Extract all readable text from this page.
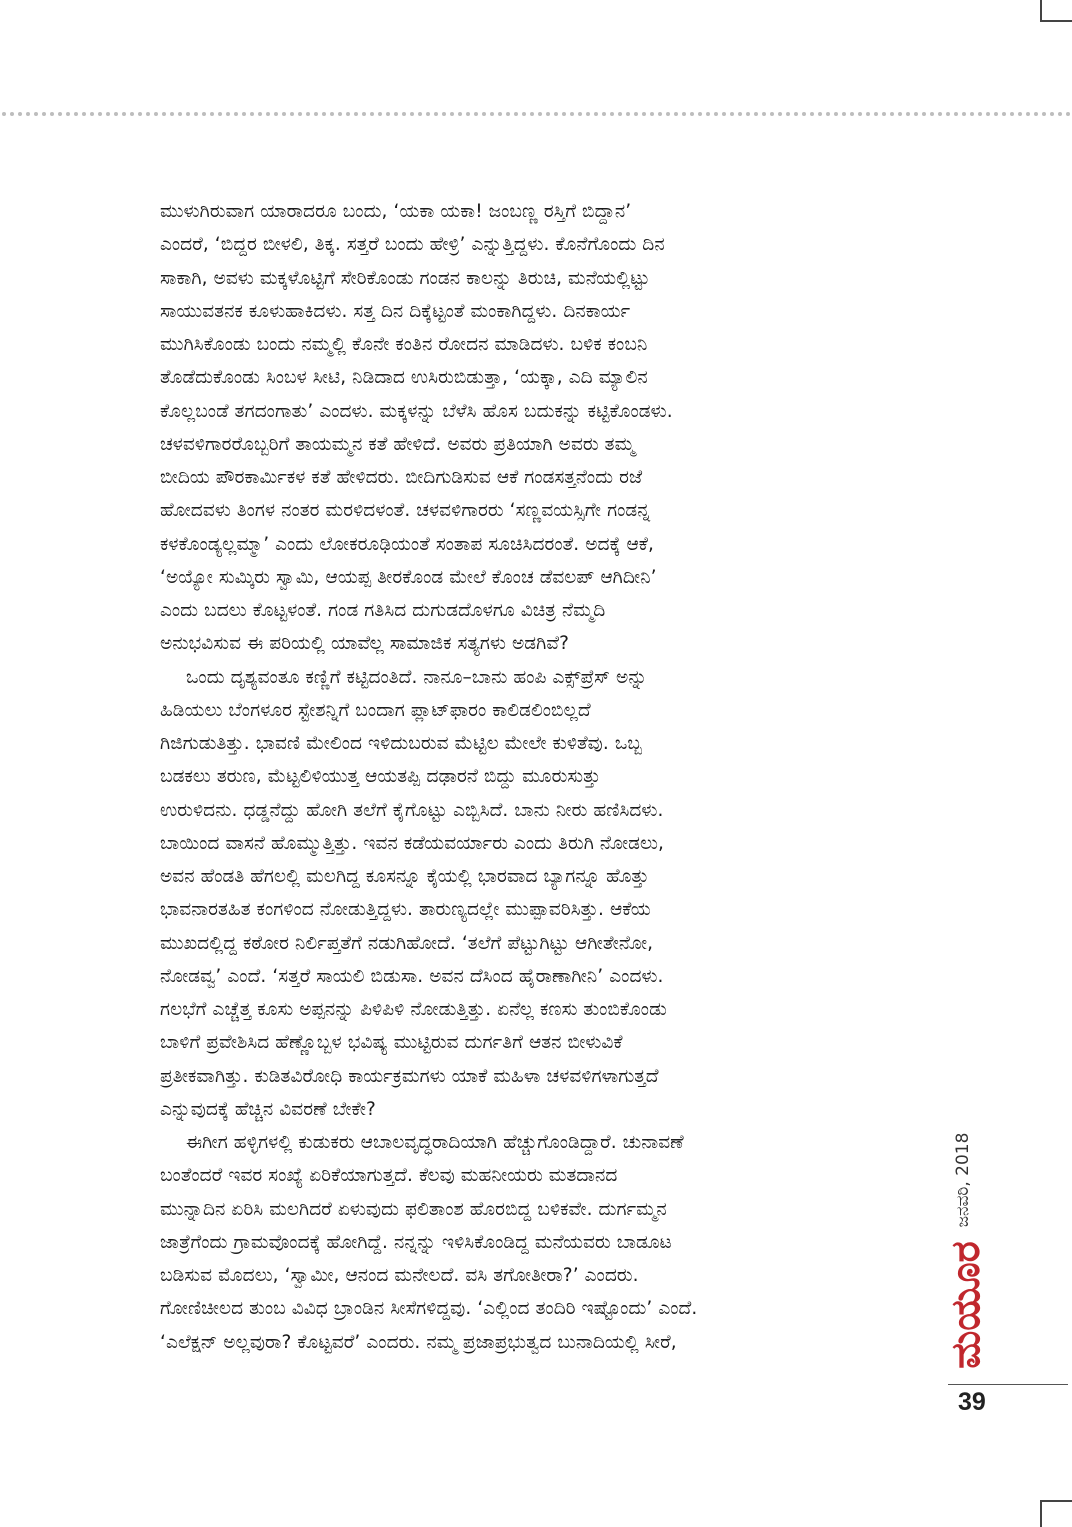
ಮುಳುಗಿರುವಾಗ ಯಾರಾದರೂ ಬಂದು, ‘ಯಕಾ ಯಕಾ! ಜಂಬಣ್ಣ ರಸ್ತಿಗೆ ಬಿದ್ದಾನ’
ಎಂದರೆ, ‘ಬಿದ್ದರ ಬೀಳಲಿ, ತಿಕ್ಕ. ಸತ್ತರೆ ಬಂದು ಹೇಳ್ರಿ’ ಎನ್ನುತ್ತಿದ್ದಳು. ಕೊನೆಗೊಂದು ದಿನ
ಸಾಕಾಗಿ, ಅವಳು ಮಕ್ಕಳೊಟ್ಟಿಗೆ ಸೇರಿಕೊಂಡು ಗಂಡನ ಕಾಲನ್ನು ತಿರುಚಿ, ಮನೆಯಲ್ಲಿಟ್ಟು
ಸಾಯುವತನಕ ಕೂಳುಹಾಕಿದಳು. ಸತ್ತ ದಿನ ದಿಕ್ಕೆಟ್ಟಂತೆ ಮಂಕಾಗಿದ್ದಳು. ದಿನಕಾರ್ಯ
ಮುಗಿಸಿಕೊಂಡು ಬಂದು ನಮ್ಮಲ್ಲಿ ಕೊನೇ ಕಂತಿನ ರೋದನ ಮಾಡಿದಳು. ಬಳಿಕ ಕಂಬನಿ
ತೊಡೆದುಕೊಂಡು ಸಿಂಬಳ ಸೀಟಿ, ನಿಡಿದಾದ ಉಸಿರುಬಿಡುತ್ತಾ, ‘ಯಕ್ಕಾ, ಎದಿ ಮ್ಯಾಲಿನ
ಕೊಲ್ಲಬಂಡೆ ತಗದಂಗಾತು’ ಎಂದಳು. ಮಕ್ಕಳನ್ನು ಬೆಳೆಸಿ ಹೊಸ ಬದುಕನ್ನು ಕಟ್ಟಿಕೊಂಡಳು.
ಚಳವಳಿಗಾರರೊಬ್ಬರಿಗೆ ತಾಯಮ್ಮನ ಕತೆ ಹೇಳಿದೆ. ಅವರು ಪ್ರತಿಯಾಗಿ ಅವರು ತಮ್ಮ
ಬೀದಿಯ ಪೌರಕಾರ್ಮಿಕಳ ಕತೆ ಹೇಳಿದರು. ಬೀದಿಗುಡಿಸುವ ಆಕೆ ಗಂಡಸತ್ತನೆಂದು ರಜೆ
ಹೋದವಳು ತಿಂಗಳ ನಂತರ ಮರಳಿದಳಂತೆ. ಚಳವಳಿಗಾರರು ‘ಸಣ್ಣವಯಸ್ಸಿಗೇ ಗಂಡನ್ನ
ಕಳಕೊಂಡ್ಯಲ್ಲಮ್ಮಾ’ ಎಂದು ಲೋಕರೂಢಿಯಂತೆ ಸಂತಾಪ ಸೂಚಿಸಿದರಂತೆ. ಅದಕ್ಕೆ ಆಕೆ,
‘ಅಯ್ಯೋ ಸುಮ್ಕಿರು ಸ್ವಾಮಿ, ಆಯಪ್ಪ ತೀರಕೊಂಡ ಮೇಲೆ ಕೊಂಚ ಡೆವಲಪ್ ಆಗಿದೀನಿ’
ಎಂದು ಬದಲು ಕೊಟ್ಟಳಂತೆ. ಗಂಡ ಗತಿಸಿದ ದುಗುಡದೊಳಗೂ ವಿಚಿತ್ರ ನೆಮ್ಮದಿ
ಅನುಭವಿಸುವ ಈ ಪರಿಯಲ್ಲಿ ಯಾವೆಲ್ಲ ಸಾಮಾಜಿಕ ಸತ್ಯಗಳು ಅಡಗಿವೆ?
ಒಂದು ದೃಶ್ಯವಂತೂ ಕಣ್ಣಿಗೆ ಕಟ್ಟಿದಂತಿದೆ. ನಾನೂ–ಬಾನು ಹಂಪಿ ಎಕ್ಸ್‌ಪ್ರೆಸ್ ಅನ್ನು
ಹಿಡಿಯಲು ಬೆಂಗಳೂರ ಸ್ಟೇಶನ್ನಿಗೆ ಬಂದಾಗ ಪ್ಲಾಟ್‌ಫಾರಂ ಕಾಲಿಡಲಿಂಬಿಲ್ಲದೆ
ಗಿಜಿಗುಡುತಿತ್ತು. ಭಾವಣಿ ಮೇಲಿಂದ ಇಳಿದುಬರುವ ಮೆಟ್ಟಿಲ ಮೇಲೇ ಕುಳಿತೆವು. ಒಬ್ಬ
ಬಡಕಲು ತರುಣ, ಮೆಟ್ಟಲಿಳಿಯುತ್ತ ಆಯತಪ್ಪಿ ದಢಾರನೆ ಬಿದ್ದು ಮೂರುಸುತ್ತು
ಉರುಳಿದನು. ಧಡ್ಡನೆದ್ದು ಹೋಗಿ ತಲೆಗೆ ಕೈಗೊಟ್ಟು ಎಬ್ಬಿಸಿದೆ. ಬಾನು ನೀರು ಹಣಿಸಿದಳು.
ಬಾಯಿಂದ ವಾಸನೆ ಹೊಮ್ಮುತ್ತಿತ್ತು. ಇವನ ಕಡೆಯವರ್ಯಾರು ಎಂದು ತಿರುಗಿ ನೋಡಲು,
ಅವನ ಹೆಂಡತಿ ಹೆಗಲಲ್ಲಿ ಮಲಗಿದ್ದ ಕೂಸನ್ನೂ ಕೈಯಲ್ಲಿ ಭಾರವಾದ ಬ್ಯಾಗನ್ನೂ ಹೊತ್ತು
ಭಾವನಾರತಹಿತ ಕಂಗಳಿಂದ ನೋಡುತ್ತಿದ್ದಳು. ತಾರುಣ್ಯದಲ್ಲೇ ಮುಪ್ಪಾವರಿಸಿತ್ತು. ಆಕೆಯ
ಮುಖದಲ್ಲಿದ್ದ ಕಠೋರ ನಿರ್ಲಿಪ್ತತೆಗೆ ನಡುಗಿಹೋದೆ. ‘ತಲೆಗೆ ಪೆಟ್ಟುಗಿಟ್ಟು ಆಗೀತೇನೋ,
ನೋಡವ್ವ’ ಎಂದೆ. ‘ಸತ್ತರೆ ಸಾಯಲಿ ಬಿಡುಸಾ. ಅವನ ದೆಸಿಂದ ಹೈರಾಣಾಗೀನಿ’ ಎಂದಳು.
ಗಲಭೆಗೆ ಎಚ್ಚೆತ್ತ ಕೂಸು ಅಪ್ಪನನ್ನು ಪಿಳಿಪಿಳಿ ನೋಡುತ್ತಿತ್ತು. ಏನೆಲ್ಲ ಕಣಸು ತುಂಬಿಕೊಂಡು
ಬಾಳಿಗೆ ಪ್ರವೇಶಿಸಿದ ಹೆಣ್ಣೊಬ್ಬಳ ಭವಿಷ್ಯ ಮುಟ್ಟಿರುವ ದುರ್ಗತಿಗೆ ಆತನ ಬೀಳುವಿಕೆ
ಪ್ರತೀಕವಾಗಿತ್ತು. ಕುಡಿತವಿರೋಧಿ ಕಾರ್ಯಕ್ರಮಗಳು ಯಾಕೆ ಮಹಿಳಾ ಚಳವಳಿಗಳಾಗುತ್ತದೆ
ಎನ್ನುವುದಕ್ಕೆ ಹೆಚ್ಚಿನ ವಿವರಣೆ ಬೇಕೇ?
ಈಗೀಗ ಹಳ್ಳಿಗಳಲ್ಲಿ ಕುಡುಕರು ಆಬಾಲವೃದ್ಧರಾದಿಯಾಗಿ ಹೆಚ್ಚುಗೊಂಡಿದ್ದಾರೆ. ಚುನಾವಣೆ
ಬಂತೆಂದರೆ ಇವರ ಸಂಖ್ಯೆ ಏರಿಕೆಯಾಗುತ್ತದೆ. ಕೆಲವು ಮಹನೀಯರು ಮತದಾನದ
ಮುನ್ನಾದಿನ ಏರಿಸಿ ಮಲಗಿದರೆ ಏಳುವುದು ಫಲಿತಾಂಶ ಹೊರಬಿದ್ದ ಬಳಿಕವೇ. ದುರ್ಗಮ್ಮನ
ಜಾತ್ರೆಗೆಂದು ಗ್ರಾಮವೊಂದಕ್ಕೆ ಹೋಗಿದ್ದೆ. ನನ್ನನ್ನು ಇಳಿಸಿಕೊಂಡಿದ್ದ ಮನೆಯವರು ಬಾಡೂಟ
ಬಡಿಸುವ ಮೊದಲು, ‘ಸ್ವಾಮೀ, ಆನಂದ ಮನೇಲದೆ. ವಸಿ ತಗೋತೀರಾ?’ ಎಂದರು.
ಗೋಣಿಚೀಲದ ತುಂಬ ವಿವಿಧ ಬ್ರಾಂಡಿನ ಸೀಸೆಗಳಿದ್ದವು. ‘ಎಲ್ಲಿಂದ ತಂದಿರಿ ಇಷ್ಟೊಂದು’ ಎಂದೆ.
‘ಎಲೆಕ್ಷನ್ ಅಲ್ಲವುರಾ? ಕೊಟ್ಟವರೆ’ ಎಂದರು. ನಮ್ಮ ಪ್ರಜಾಪ್ರಭುತ್ವದ ಬುನಾದಿಯಲ್ಲಿ ಸೀರೆ,
ಜನವರಿ, 2018
ಮಯೂರ
39
